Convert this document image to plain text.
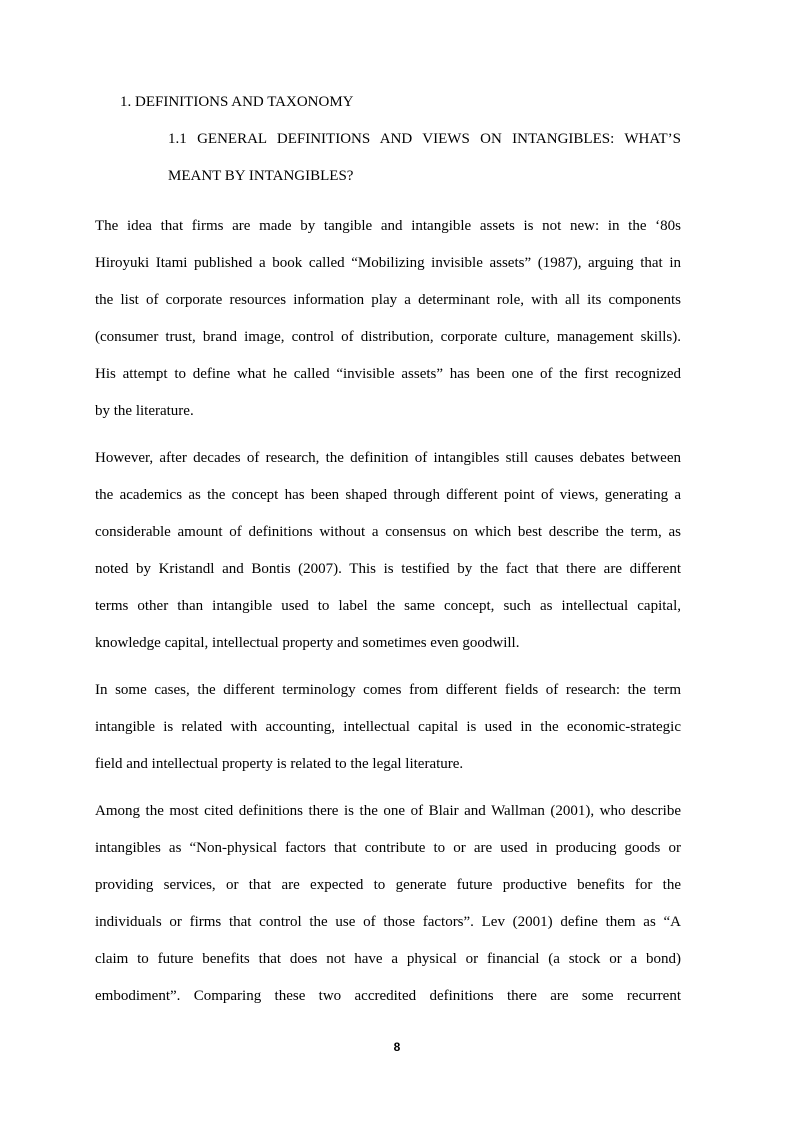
1. DEFINITIONS AND TAXONOMY
1.1 GENERAL DEFINITIONS AND VIEWS ON INTANGIBLES: WHAT’S
MEANT BY INTANGIBLES?
The idea that firms are made by tangible and intangible assets is not new: in the ‘80s
Hiroyuki Itami published a book called “Mobilizing invisible assets” (1987), arguing that in
the list of corporate resources information play a determinant role, with all its components
(consumer trust, brand image, control of distribution, corporate culture, management skills).
His attempt to define what he called “invisible assets” has been one of the first recognized
by the literature.
However, after decades of research, the definition of intangibles still causes debates between
the academics as the concept has been shaped through different point of views, generating a
considerable amount of definitions without a consensus on which best describe the term, as
noted by Kristandl and Bontis (2007). This is testified by the fact that there are different
terms other than intangible used to label the same concept, such as intellectual capital,
knowledge capital, intellectual property and sometimes even goodwill.
In some cases, the different terminology comes from different fields of research: the term
intangible is related with accounting, intellectual capital is used in the economic-strategic
field and intellectual property is related to the legal literature.
Among the most cited definitions there is the one of Blair and Wallman (2001), who describe
intangibles as “Non-physical factors that contribute to or are used in producing goods or
providing services, or that are expected to generate future productive benefits for the
individuals or firms that control the use of those factors”. Lev (2001) define them as “A
claim to future benefits that does not have a physical or financial (a stock or a bond)
embodiment”. Comparing these two accredited definitions there are some recurrent
8
